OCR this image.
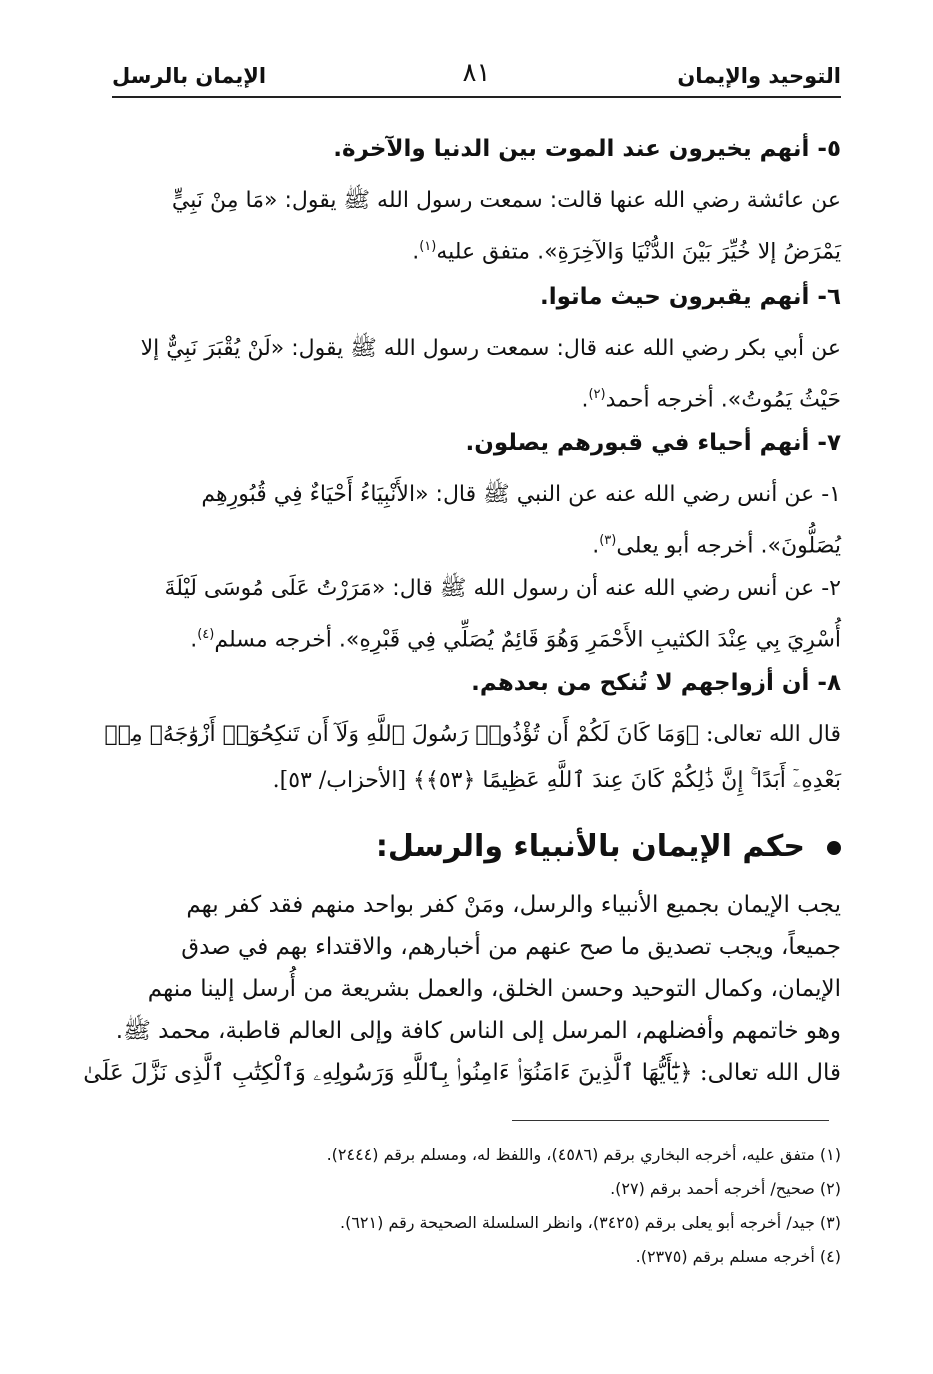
التوحيد والإيمان
٨١
الإيمان بالرسل
٥- أنهم يخيرون عند الموت بين الدنيا والآخرة.
عن عائشة رضي الله عنها قالت: سمعت رسول الله ﷺ يقول: «مَا مِنْ نَبِيٍّ
يَمْرَضُ إلا خُيِّرَ بَيْنَ الدُّنْيَا وَالآخِرَةِ». متفق عليه$^{(١)}$.
٦- أنهم يقبرون حيث ماتوا.
عن أبي بكر رضي الله عنه قال: سمعت رسول الله ﷺ يقول: «لَنْ يُقْبَرَ نَبِيٌّ إلا
حَيْثُ يَمُوتُ». أخرجه أحمد$^{(٢)}$.
٧- أنهم أحياء في قبورهم يصلون.
١- عن أنس رضي الله عنه عن النبي ﷺ قال: «الأَنْبِيَاءُ أَحْيَاءٌ فِي قُبُورِهِم
يُصَلُّونَ». أخرجه أبو يعلى$^{(٣)}$.
٢- عن أنس رضي الله عنه أن رسول الله ﷺ قال: «مَرَرْتُ عَلَى مُوسَى لَيْلَةَ
أُسْرِيَ بِي عِنْدَ الكثيبِ الأَحْمَرِ وَهُوَ قَائِمٌ يُصَلِّي فِي قَبْرِهِ». أخرجه مسلم$^{(٤)}$.
٨- أن أزواجهم لا تُنكح من بعدهم.
قال الله تعالى: ﴿وَمَا كَانَ لَكُمْ أَن تُؤْذُوا۟ رَسُولَ ٱللَّهِ وَلَآ أَن تَنكِحُوٓا۟ أَزْوَٰجَهُۥ مِنۢ
بَعْدِهِۦٓ أَبَدًا ۚ إِنَّ ذَٰلِكُمْ كَانَ عِندَ ٱللَّهِ عَظِيمًا ﴿٥٣﴾﴾ [الأحزاب/ ٥٣].
حكم الإيمان بالأنبياء والرسل:
يجب الإيمان بجميع الأنبياء والرسل، ومَنْ كفر بواحد منهم فقد كفر بهم
جميعاً، ويجب تصديق ما صح عنهم من أخبارهم، والاقتداء بهم في صدق
الإيمان، وكمال التوحيد وحسن الخلق، والعمل بشريعة من أُرسل إلينا منهم
وهو خاتمهم وأفضلهم، المرسل إلى الناس كافة وإلى العالم قاطبة، محمد ﷺ.
قال الله تعالى: ﴿يَٰٓأَيُّهَا ٱلَّذِينَ ءَامَنُوٓا۟ ءَامِنُوا۟ بِٱللَّهِ وَرَسُولِهِۦ وَٱلْكِتَٰبِ ٱلَّذِى نَزَّلَ عَلَىٰ
(١) متفق عليه، أخرجه البخاري برقم (٤٥٨٦)، واللفظ له، ومسلم برقم (٢٤٤٤).
(٢) صحيح/ أخرجه أحمد برقم (٢٧).
(٣) جيد/ أخرجه أبو يعلى برقم (٣٤٢٥)، وانظر السلسلة الصحيحة رقم (٦٢١).
(٤) أخرجه مسلم برقم (٢٣٧٥).
